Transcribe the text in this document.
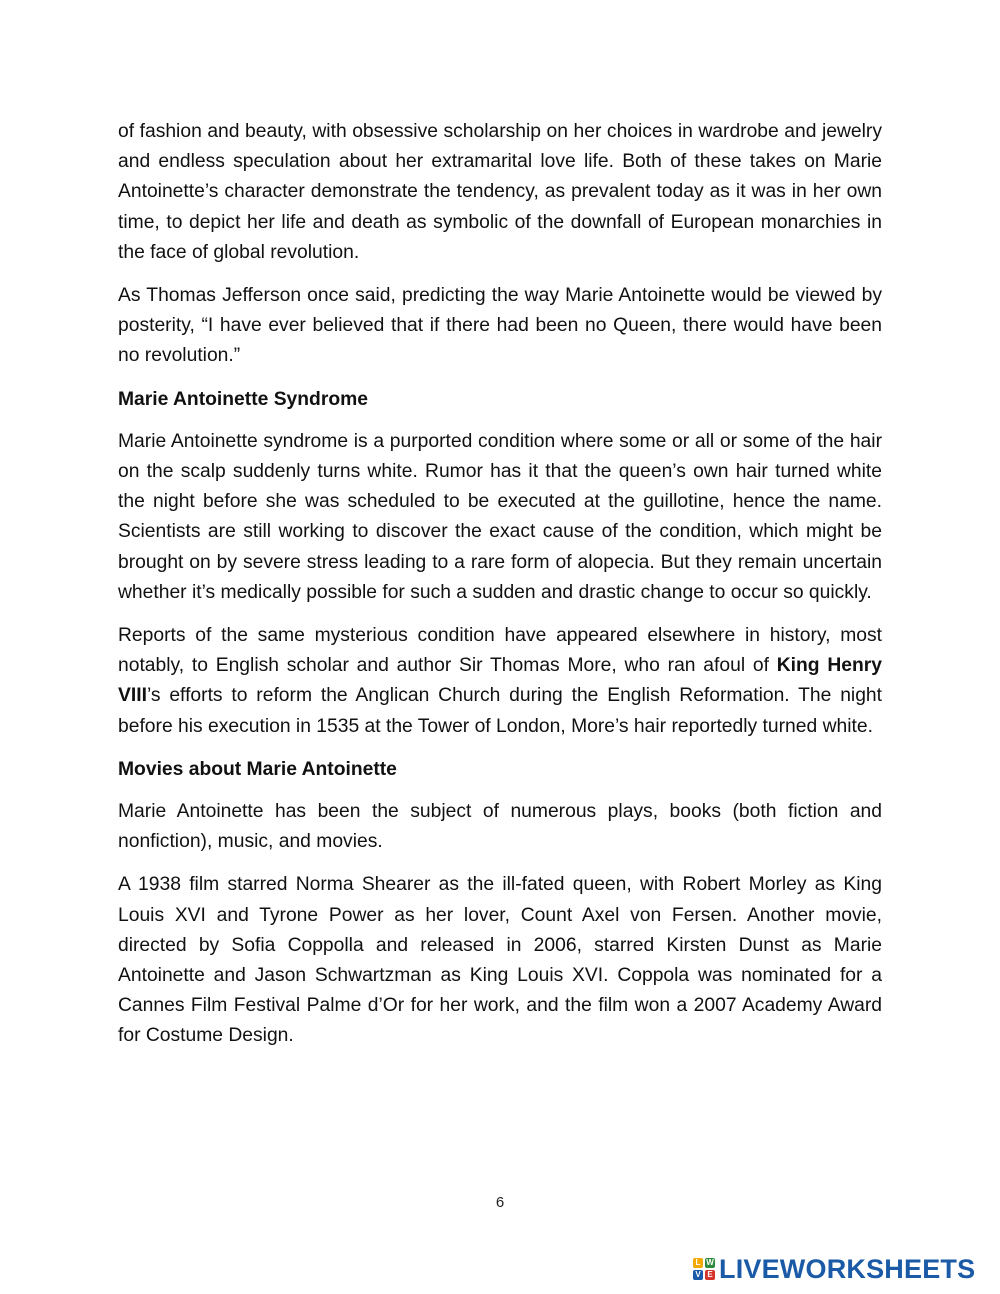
of fashion and beauty, with obsessive scholarship on her choices in wardrobe and jewelry and endless speculation about her extramarital love life. Both of these takes on Marie Antoinette’s character demonstrate the tendency, as prevalent today as it was in her own time, to depict her life and death as symbolic of the downfall of European monarchies in the face of global revolution.

As Thomas Jefferson once said, predicting the way Marie Antoinette would be viewed by posterity, “I have ever believed that if there had been no Queen, there would have been no revolution.”

Marie Antoinette Syndrome

Marie Antoinette syndrome is a purported condition where some or all or some of the hair on the scalp suddenly turns white. Rumor has it that the queen’s own hair turned white the night before she was scheduled to be executed at the guillotine, hence the name. Scientists are still working to discover the exact cause of the condition, which might be brought on by severe stress leading to a rare form of alopecia. But they remain uncertain whether it’s medically possible for such a sudden and drastic change to occur so quickly.

Reports of the same mysterious condition have appeared elsewhere in history, most notably, to English scholar and author Sir Thomas More, who ran afoul of King Henry VIII’s efforts to reform the Anglican Church during the English Reformation. The night before his execution in 1535 at the Tower of London, More’s hair reportedly turned white.

Movies about Marie Antoinette

Marie Antoinette has been the subject of numerous plays, books (both fiction and nonfiction), music, and movies.

A 1938 film starred Norma Shearer as the ill-fated queen, with Robert Morley as King Louis XVI and Tyrone Power as her lover, Count Axel von Fersen. Another movie, directed by Sofia Coppolla and released in 2006, starred Kirsten Dunst as Marie Antoinette and Jason Schwartzman as King Louis XVI. Coppola was nominated for a Cannes Film Festival Palme d’Or for her work, and the film won a 2007 Academy Award for Costume Design.

6
L W
V E LIVEWORKSHEETS
